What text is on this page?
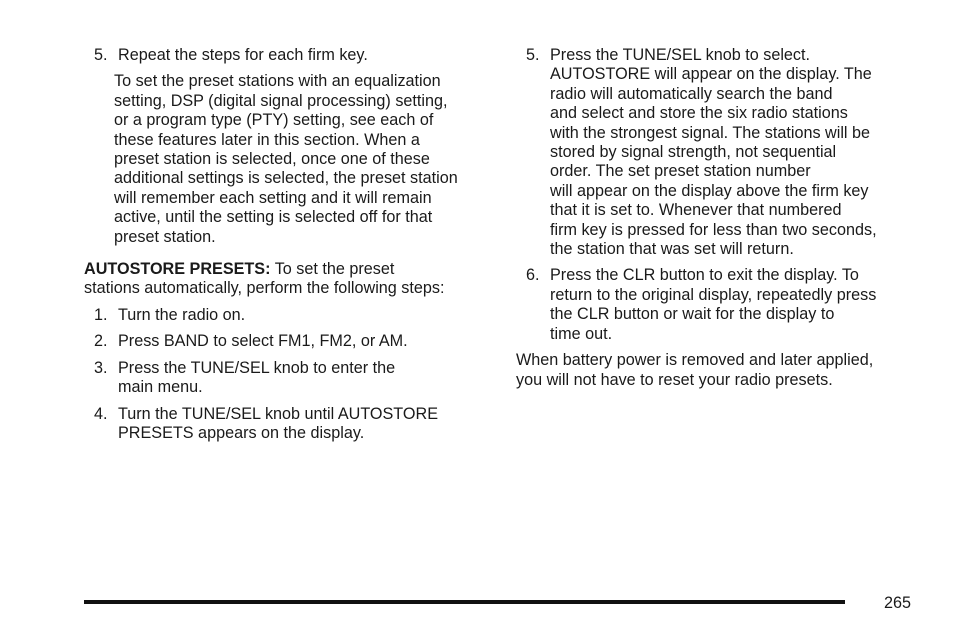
5. Repeat the steps for each firm key.
To set the preset stations with an equalization
setting, DSP (digital signal processing) setting,
or a program type (PTY) setting, see each of
these features later in this section. When a
preset station is selected, once one of these
additional settings is selected, the preset station
will remember each setting and it will remain
active, until the setting is selected off for that
preset station.
AUTOSTORE PRESETS: To set the preset
stations automatically, perform the following steps:
1. Turn the radio on.
2. Press BAND to select FM1, FM2, or AM.
3. Press the TUNE/SEL knob to enter the
main menu.
4. Turn the TUNE/SEL knob until AUTOSTORE
PRESETS appears on the display.
5. Press the TUNE/SEL knob to select.
AUTOSTORE will appear on the display. The
radio will automatically search the band
and select and store the six radio stations
with the strongest signal. The stations will be
stored by signal strength, not sequential
order. The set preset station number
will appear on the display above the firm key
that it is set to. Whenever that numbered
firm key is pressed for less than two seconds,
the station that was set will return.
6. Press the CLR button to exit the display. To
return to the original display, repeatedly press
the CLR button or wait for the display to
time out.
When battery power is removed and later applied,
you will not have to reset your radio presets.
265
